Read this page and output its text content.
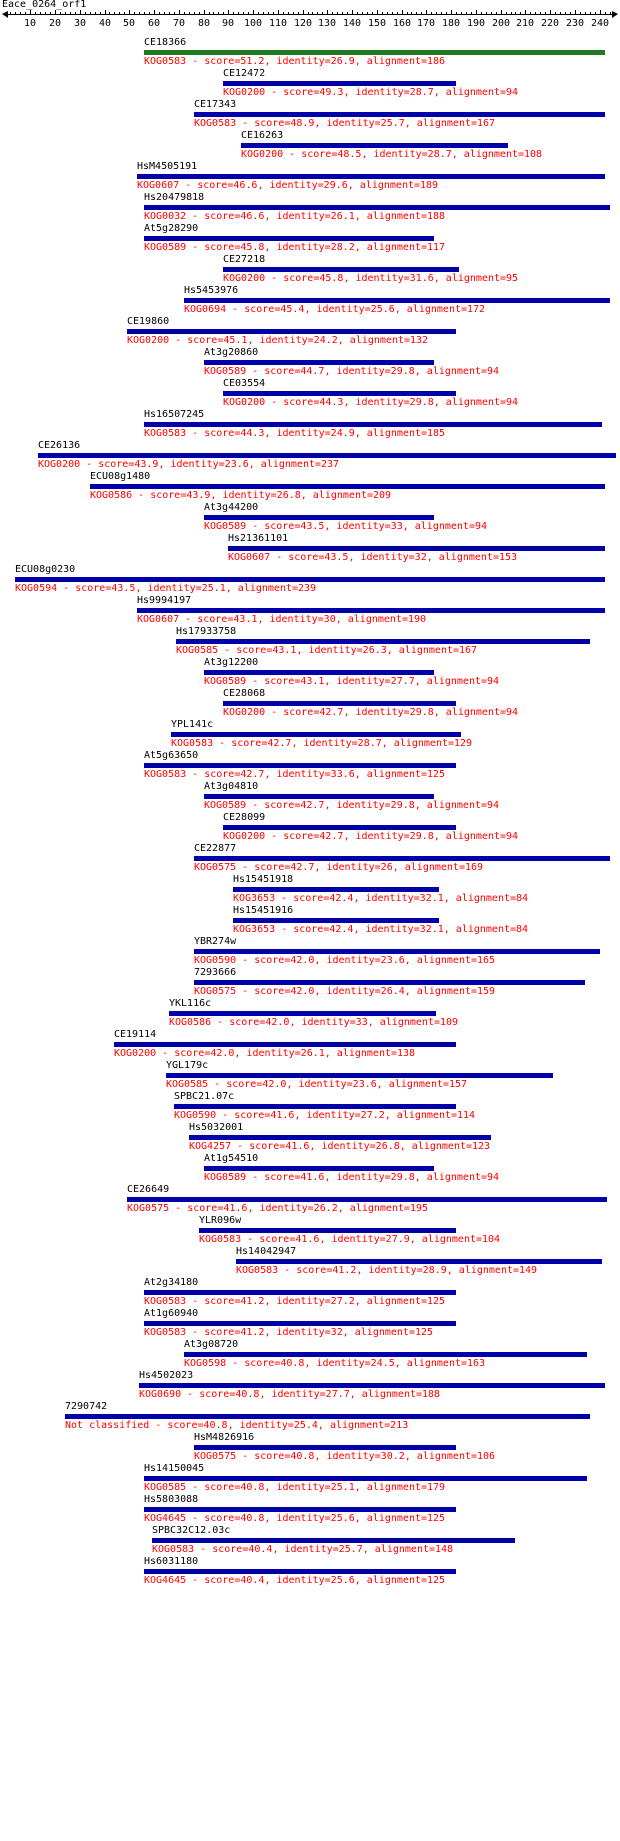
Eace_0264_orf1
10 20 30 40 50 60 70 80 90 100 110 120 130 140 150 160 170 180 190 200 210 220 230 240
CE18366
KOG0583 - score=51.2, identity=26.9, alignment=186
CE12472
KOG0200 - score=49.3, identity=28.7, alignment=94
CE17343
KOG0583 - score=48.9, identity=25.7, alignment=167
CE16263
KOG0200 - score=48.5, identity=28.7, alignment=108
HsM4505191
KOG0607 - score=46.6, identity=29.6, alignment=189
Hs20479818
KOG0032 - score=46.6, identity=26.1, alignment=188
At5g28290
KOG0589 - score=45.8, identity=28.2, alignment=117
CE27218
KOG0200 - score=45.8, identity=31.6, alignment=95
Hs5453976
KOG0694 - score=45.4, identity=25.6, alignment=172
CE19860
KOG0200 - score=45.1, identity=24.2, alignment=132
At3g20860
KOG0589 - score=44.7, identity=29.8, alignment=94
CE03554
KOG0200 - score=44.3, identity=29.8, alignment=94
Hs16507245
KOG0583 - score=44.3, identity=24.9, alignment=185
CE26136
KOG0200 - score=43.9, identity=23.6, alignment=237
ECU08g1480
KOG0586 - score=43.9, identity=26.8, alignment=209
At3g44200
KOG0589 - score=43.5, identity=33, alignment=94
Hs21361101
KOG0607 - score=43.5, identity=32, alignment=153
ECU08g0230
KOG0594 - score=43.5, identity=25.1, alignment=239
Hs9994197
KOG0607 - score=43.1, identity=30, alignment=190
Hs17933758
KOG0585 - score=43.1, identity=26.3, alignment=167
At3g12200
KOG0589 - score=43.1, identity=27.7, alignment=94
CE28068
KOG0200 - score=42.7, identity=29.8, alignment=94
YPL141c
KOG0583 - score=42.7, identity=28.7, alignment=129
At5g63650
KOG0583 - score=42.7, identity=33.6, alignment=125
At3g04810
KOG0589 - score=42.7, identity=29.8, alignment=94
CE28099
KOG0200 - score=42.7, identity=29.8, alignment=94
CE22877
KOG0575 - score=42.7, identity=26, alignment=169
Hs15451918
KOG3653 - score=42.4, identity=32.1, alignment=84
Hs15451916
KOG3653 - score=42.4, identity=32.1, alignment=84
YBR274w
KOG0590 - score=42.0, identity=23.6, alignment=165
7293666
KOG0575 - score=42.0, identity=26.4, alignment=159
YKL116c
KOG0586 - score=42.0, identity=33, alignment=109
CE19114
KOG0200 - score=42.0, identity=26.1, alignment=138
YGL179c
KOG0585 - score=42.0, identity=23.6, alignment=157
SPBC21.07c
KOG0590 - score=41.6, identity=27.2, alignment=114
Hs5032001
KOG4257 - score=41.6, identity=26.8, alignment=123
At1g54510
KOG0589 - score=41.6, identity=29.8, alignment=94
CE26649
KOG0575 - score=41.6, identity=26.2, alignment=195
YLR096w
KOG0583 - score=41.6, identity=27.9, alignment=104
Hs14042947
KOG0583 - score=41.2, identity=28.9, alignment=149
At2g34180
KOG0583 - score=41.2, identity=27.2, alignment=125
At1g60940
KOG0583 - score=41.2, identity=32, alignment=125
At3g08720
KOG0598 - score=40.8, identity=24.5, alignment=163
Hs4502023
KOG0690 - score=40.8, identity=27.7, alignment=188
7290742
Not classified - score=40.8, identity=25.4, alignment=213
HsM4826916
KOG0575 - score=40.8, identity=30.2, alignment=106
Hs14150045
KOG0585 - score=40.8, identity=25.1, alignment=179
Hs5803088
KOG4645 - score=40.8, identity=25.6, alignment=125
SPBC32C12.03c
KOG0583 - score=40.4, identity=25.7, alignment=148
Hs6031180
KOG4645 - score=40.4, identity=25.6, alignment=125
